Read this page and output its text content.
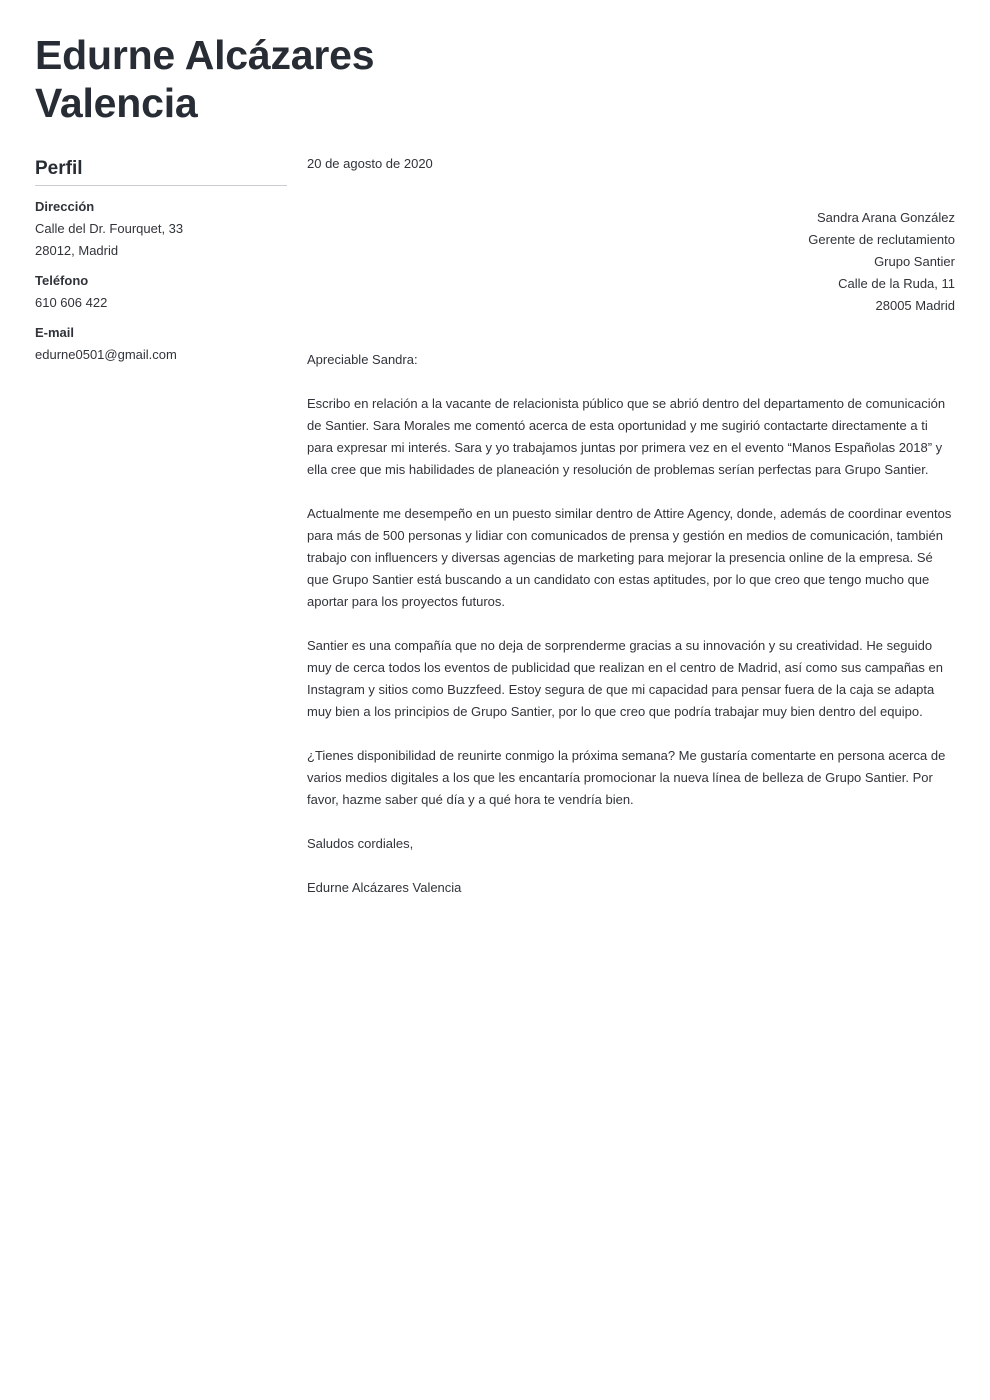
Edurne Alcázares
Valencia
Perfil
Dirección
Calle del Dr. Fourquet, 33
28012, Madrid
Teléfono
610 606 422
E-mail
edurne0501@gmail.com
20 de agosto de 2020
Sandra Arana González
Gerente de reclutamiento
Grupo Santier
Calle de la Ruda, 11
28005 Madrid

Apreciable Sandra:

Escribo en relación a la vacante de relacionista público que se abrió dentro del departamento de comunicación de Santier. Sara Morales me comentó acerca de esta oportunidad y me sugirió contactarte directamente a ti para expresar mi interés. Sara y yo trabajamos juntas por primera vez en el evento “Manos Españolas 2018” y ella cree que mis habilidades de planeación y resolución de problemas serían perfectas para Grupo Santier.

Actualmente me desempeño en un puesto similar dentro de Attire Agency, donde, además de coordinar eventos para más de 500 personas y lidiar con comunicados de prensa y gestión en medios de comunicación, también trabajo con influencers y diversas agencias de marketing para mejorar la presencia online de la empresa. Sé que Grupo Santier está buscando a un candidato con estas aptitudes, por lo que creo que tengo mucho que aportar para los proyectos futuros.

Santier es una compañía que no deja de sorprenderme gracias a su innovación y su creatividad. He seguido muy de cerca todos los eventos de publicidad que realizan en el centro de Madrid, así como sus campañas en Instagram y sitios como Buzzfeed. Estoy segura de que mi capacidad para pensar fuera de la caja se adapta muy bien a los principios de Grupo Santier, por lo que creo que podría trabajar muy bien dentro del equipo.

¿Tienes disponibilidad de reunirte conmigo la próxima semana? Me gustaría comentarte en persona acerca de varios medios digitales a los que les encantaría promocionar la nueva línea de belleza de Grupo Santier. Por favor, hazme saber qué día y a qué hora te vendría bien.

Saludos cordiales,

Edurne Alcázares Valencia
